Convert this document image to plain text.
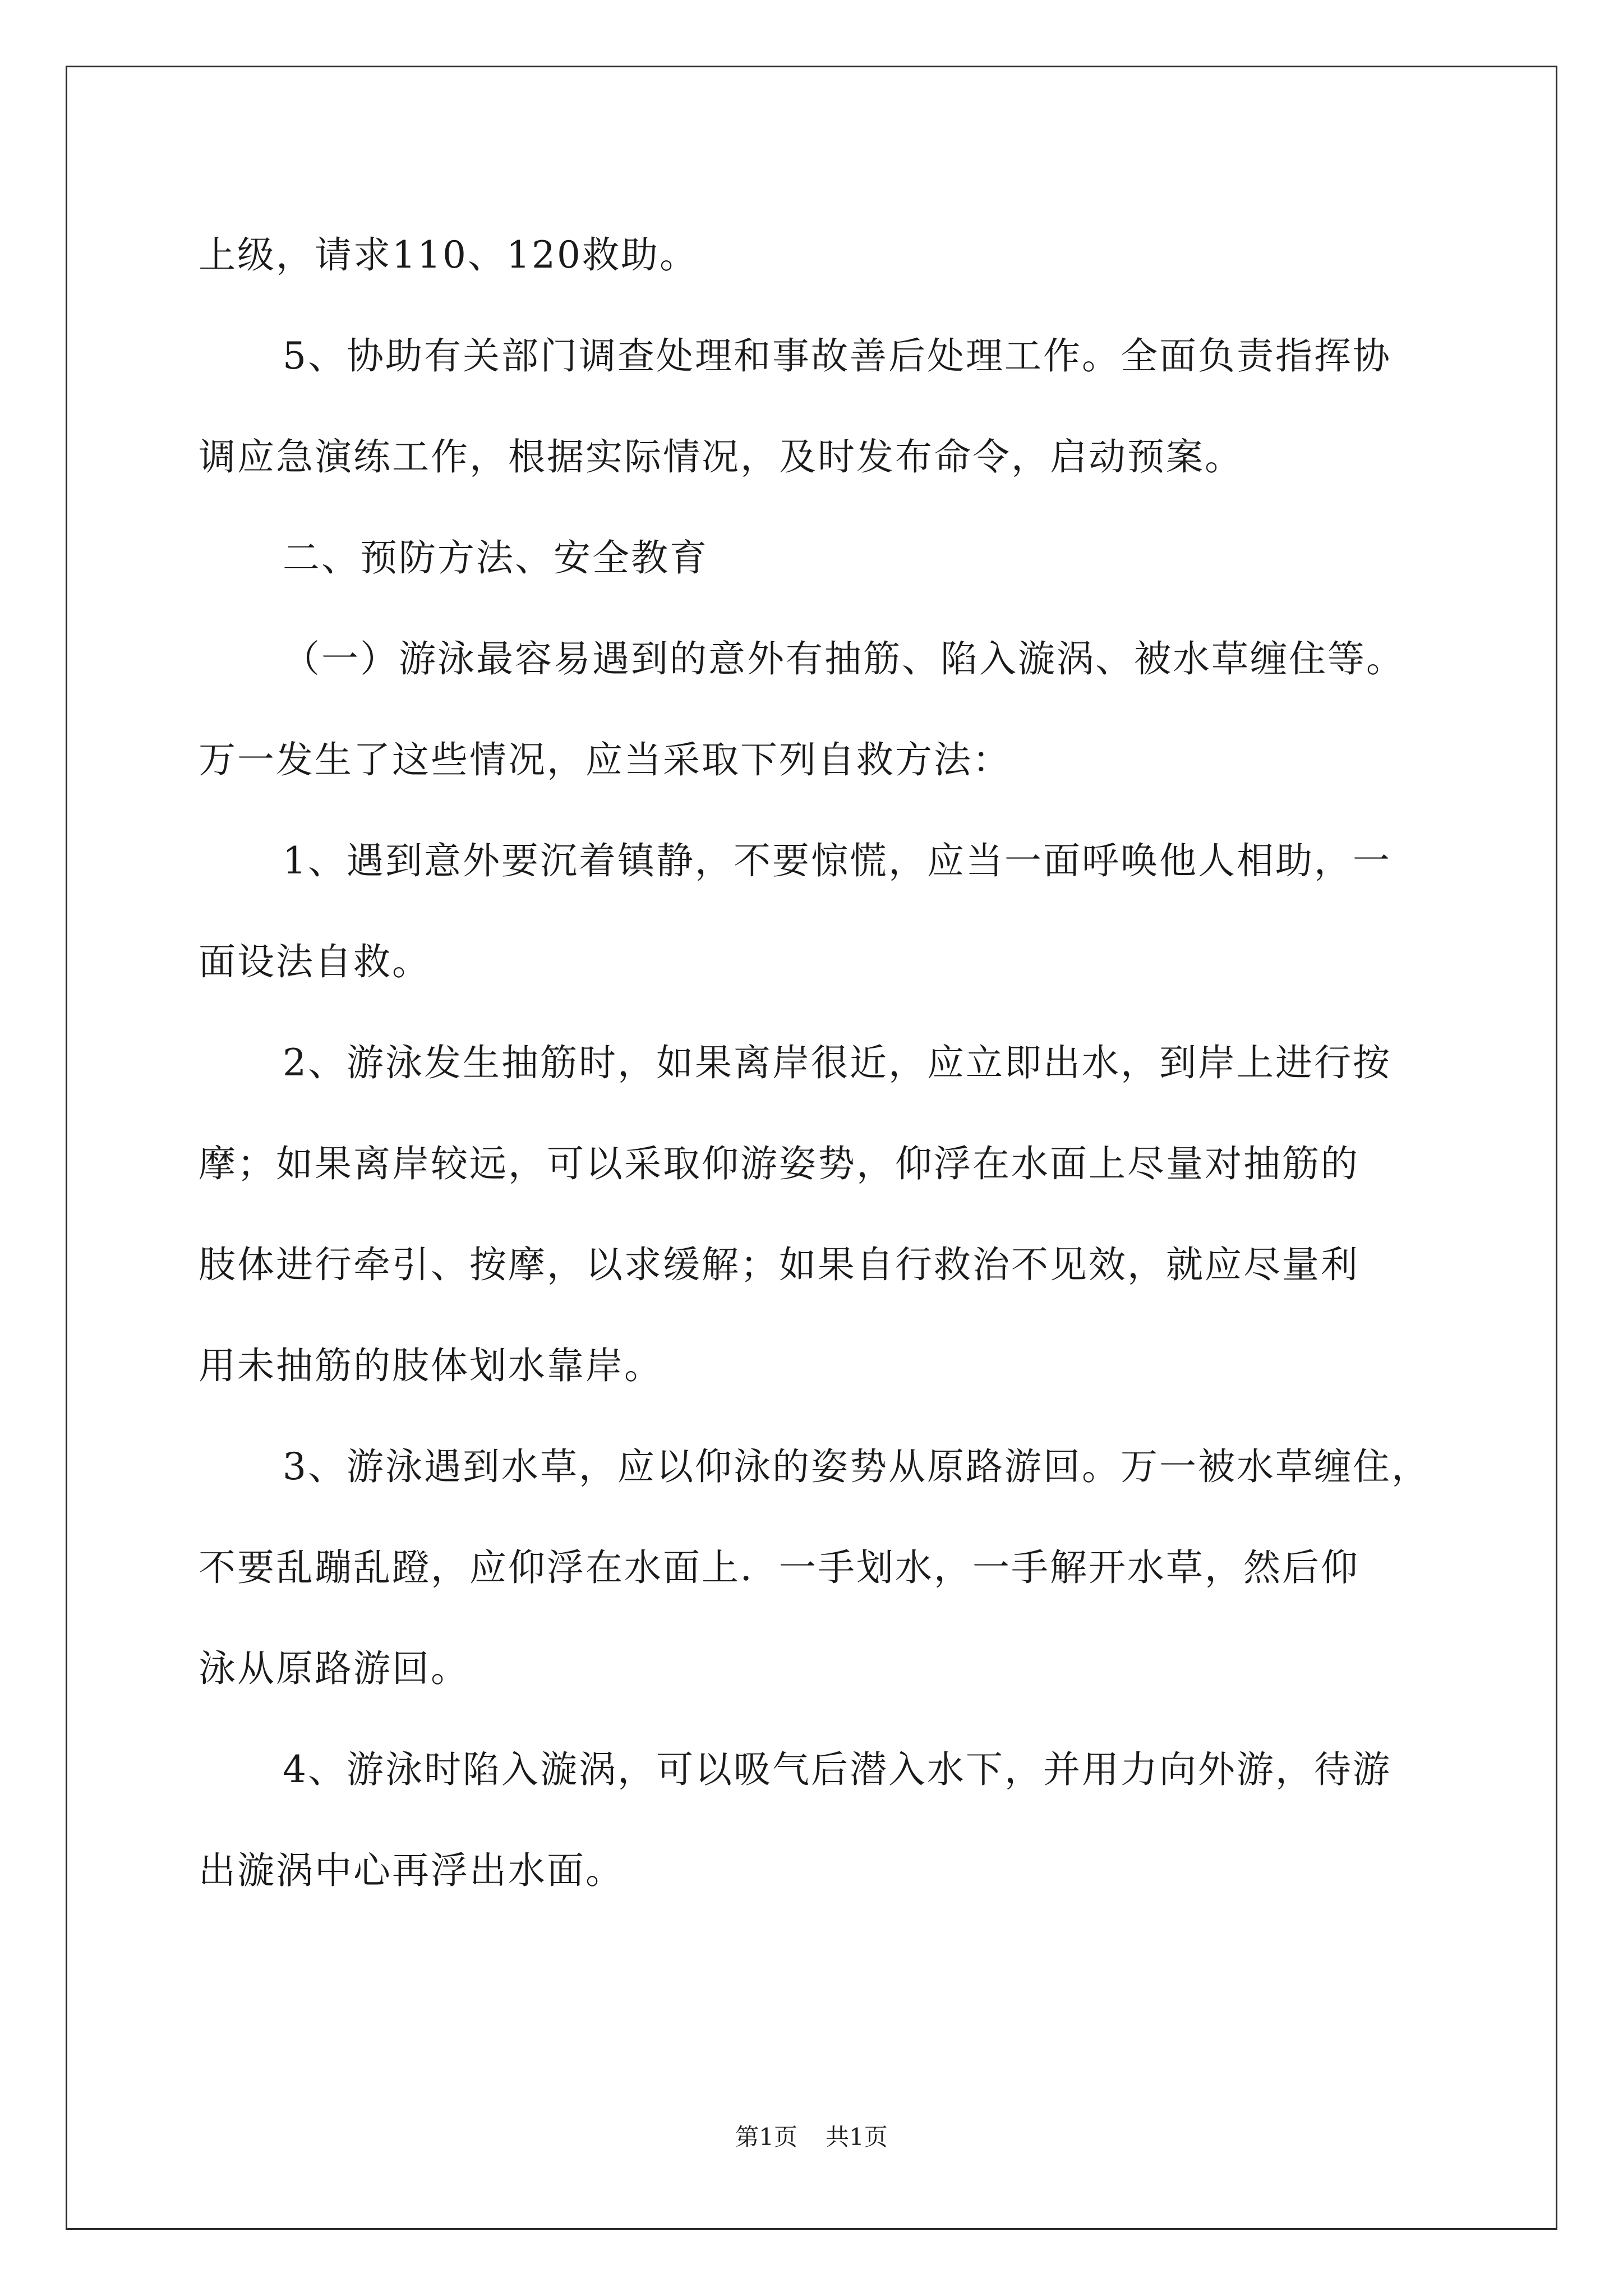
上级，请求110、120救助。
5、协助有关部门调查处理和事故善后处理工作。全面负责指挥协
调应急演练工作，根据实际情况，及时发布命令，启动预案。
二、预防方法、安全教育
（一）游泳最容易遇到的意外有抽筋、陷入漩涡、被水草缠住等。
万一发生了这些情况，应当采取下列自救方法：
1、遇到意外要沉着镇静，不要惊慌，应当一面呼唤他人相助，一
面设法自救。
2、游泳发生抽筋时，如果离岸很近，应立即出水，到岸上进行按
摩；如果离岸较远，可以采取仰游姿势，仰浮在水面上尽量对抽筋的
肢体进行牵引、按摩，以求缓解；如果自行救治不见效，就应尽量利
用未抽筋的肢体划水靠岸。
3、游泳遇到水草，应以仰泳的姿势从原路游回。万一被水草缠住，
不要乱蹦乱蹬，应仰浮在水面上．一手划水，一手解开水草，然后仰
泳从原路游回。
4、游泳时陷入漩涡，可以吸气后潜入水下，并用力向外游，待游
出漩涡中心再浮出水面。
第1页 共1页
